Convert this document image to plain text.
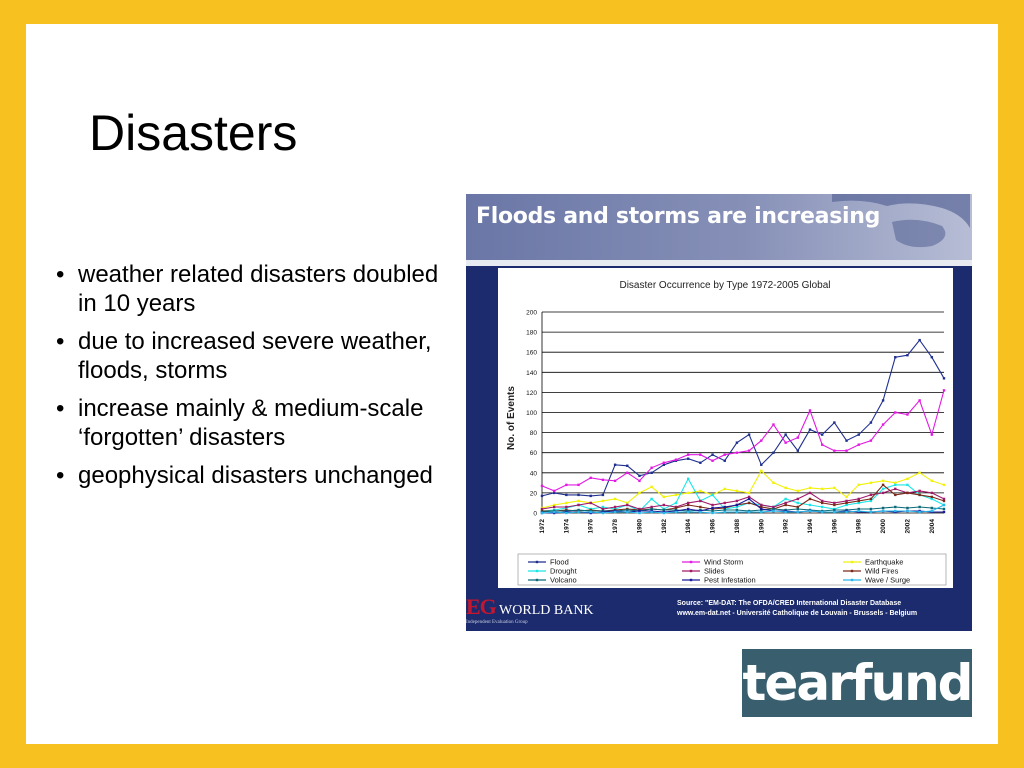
Disasters
• weather related disasters doubled in 10 years
• due to increased severe weather, floods, storms
• increase mainly & medium-scale ‘forgotten’ disasters
• geophysical disasters unchanged
Floods and storms are increasing
Disaster Occurrence by Type 1972-2005 Global
No. of Events
0
20
40
60
80
100
120
140
160
180
200
1972	1974	1976	1978	1980	1982	1984	1986	1988	1990	1992	1994	1996	1998	2000	2002	2004
Flood	Wind Storm	Earthquake
Drought	Slides	Wild Fires
Volcano	Pest Infestation	Wave / Surge
EG WORLD BANK
Independent Evaluation Group
Source: "EM-DAT: The OFDA/CRED International Disaster Database
www.em-dat.net - Université Catholique de Louvain - Brussels - Belgium
tearfund
